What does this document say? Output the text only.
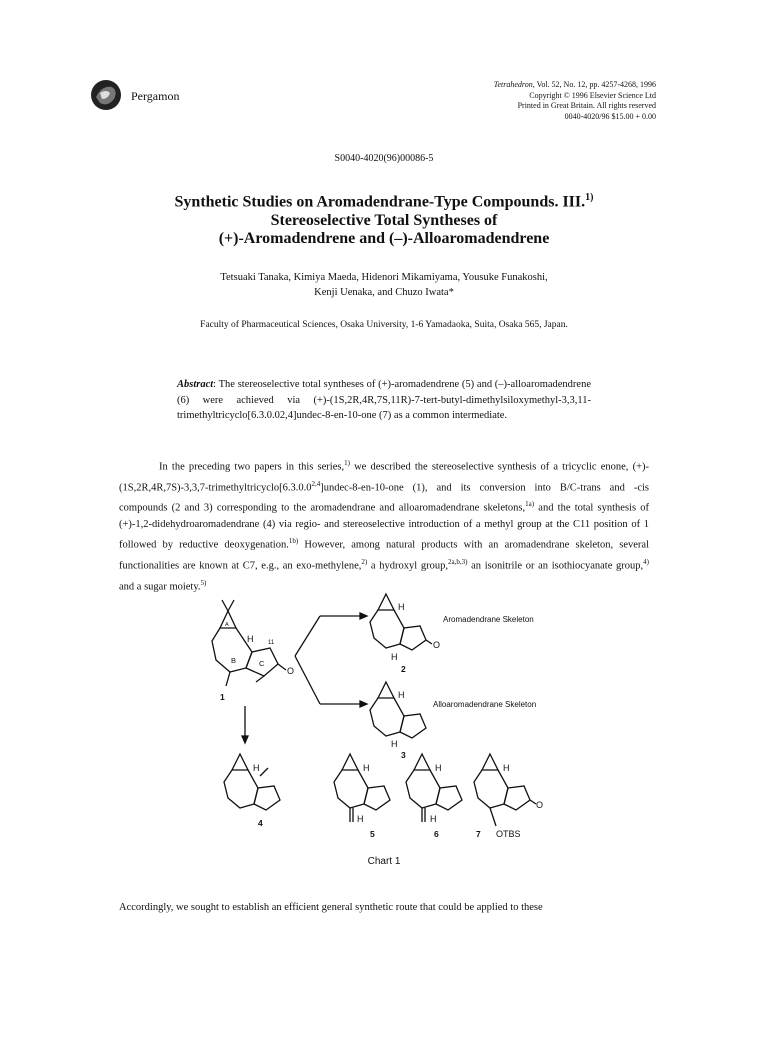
Pergamon
Tetrahedron, Vol. 52, No. 12, pp. 4257-4268, 1996
Copyright © 1996 Elsevier Science Ltd
Printed in Great Britain. All rights reserved
0040-4020/96 $15.00 + 0.00
S0040-4020(96)00086-5
Synthetic Studies on Aromadendrane-Type Compounds. III.$^{1)}$
Stereoselective Total Syntheses of
(+)-Aromadendrene and (–)-Alloaromadendrene
Tetsuaki Tanaka, Kimiya Maeda, Hidenori Mikamiyama, Yousuke Funakoshi,
Kenji Uenaka, and Chuzo Iwata*
Faculty of Pharmaceutical Sciences, Osaka University, 1-6 Yamadaoka, Suita, Osaka 565, Japan.
Abstract: The stereoselective total syntheses of (+)-aromadendrene (5) and (–)-alloaromadendrene (6) were achieved via (+)-(1S,2R,4R,7S,11R)-7-tert-butyl-dimethylsiloxymethyl-3,3,11-trimethyltricyclo[6.3.0.02,4]undec-8-en-10-one (7) as a common intermediate.
In the preceding two papers in this series,$^{1)}$ we described the stereoselective synthesis of a tricyclic enone, $(+)-(1S,2R,4R,7S)-3,3,7-trimethyltricyclo[6.3.0.0^{2,4}]undec-8-en-10$-one (1), and its conversion into B/C-trans and -cis compounds (2 and 3) corresponding to the aromadendrane and alloaromadendrane skeletons,$^{1a)}$ and the total synthesis of (+)-1,2-didehydroaromadendrane (4) via regio- and stereoselective introduction of a methyl group at the C11 position of 1 followed by reductive deoxygenation.$^{1b)}$ However, among natural products with an aromadendrane skeleton, several functionalities are known at C7, e.g., an exo-methylene,$^{2)}$ a hydroxyl group,$^{2a,b,3)}$ an isonitrile or an isothiocyanate group,$^{4)}$ and a sugar moiety.$^{5)}$
H 11
B	C
A
O
1
H
O
H
2
Aromadendrane Skeleton
H
H
3
Alloaromadendrane Skeleton
H
4
H
H
5
H
H
6
H
O
7 OTBS
Chart 1
Accordingly, we sought to establish an efficient general synthetic route that could be applied to these
